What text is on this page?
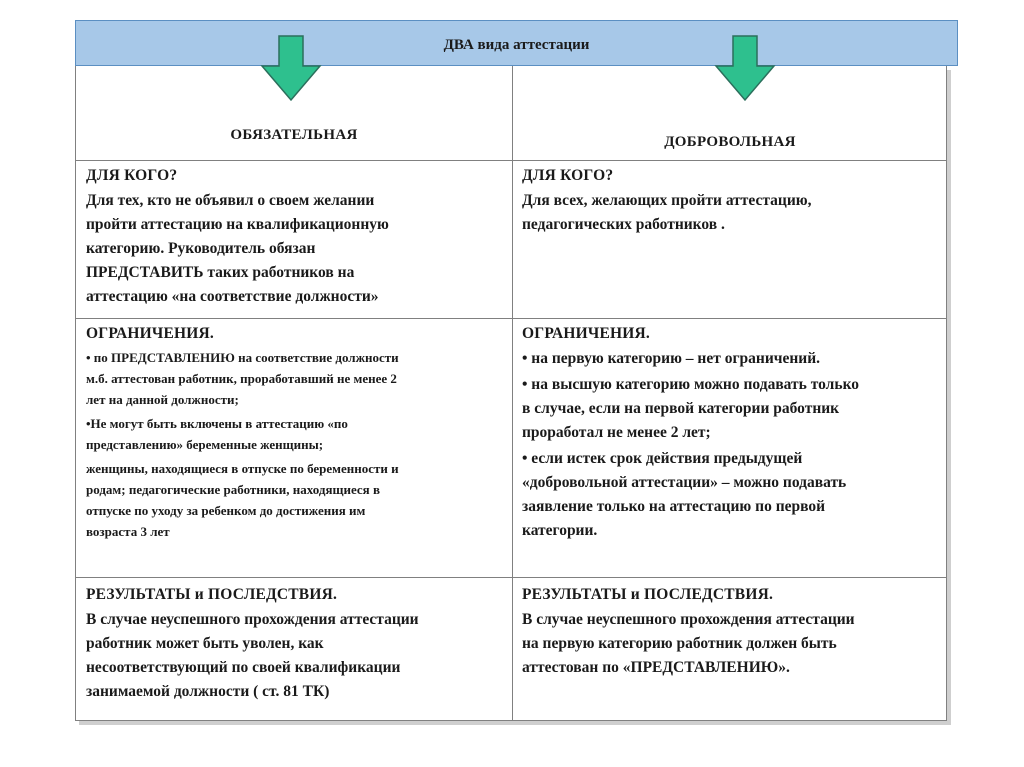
ДВА вида аттестации
ОБЯЗАТЕЛЬНАЯ	ДОБРОВОЛЬНАЯ
ДЛЯ КОГО?
Для тех, кто не объявил о своем желании
пройти аттестацию на квалификационную
категорию. Руководитель обязан
ПРЕДСТАВИТЬ таких работников на
аттестацию «на соответствие должности»
ДЛЯ КОГО?
Для всех, желающих пройти аттестацию,
педагогических работников .
ОГРАНИЧЕНИЯ.
• по ПРЕДСТАВЛЕНИЮ на соответствие должности
м.б. аттестован работник, проработавший не менее 2
лет на данной должности;
•Не могут быть включены в аттестацию «по
представлению» беременные женщины;
женщины, находящиеся в отпуске по беременности и
родам; педагогические работники, находящиеся в
отпуске по уходу за ребенком до достижения им
возраста 3 лет
ОГРАНИЧЕНИЯ.
• на первую категорию – нет ограничений.
• на высшую категорию можно подавать только
в случае, если на первой категории работник
проработал не менее 2 лет;
• если истек срок действия предыдущей
«добровольной аттестации» – можно подавать
заявление только на аттестацию по первой
категории.
РЕЗУЛЬТАТЫ и ПОСЛЕДСТВИЯ.
В случае неуспешного прохождения аттестации
работник может быть уволен, как
несоответствующий по своей квалификации
занимаемой должности ( ст. 81 ТК)
РЕЗУЛЬТАТЫ и ПОСЛЕДСТВИЯ.
В случае неуспешного прохождения аттестации
на первую категорию работник должен быть
аттестован по «ПРЕДСТАВЛЕНИЮ».
